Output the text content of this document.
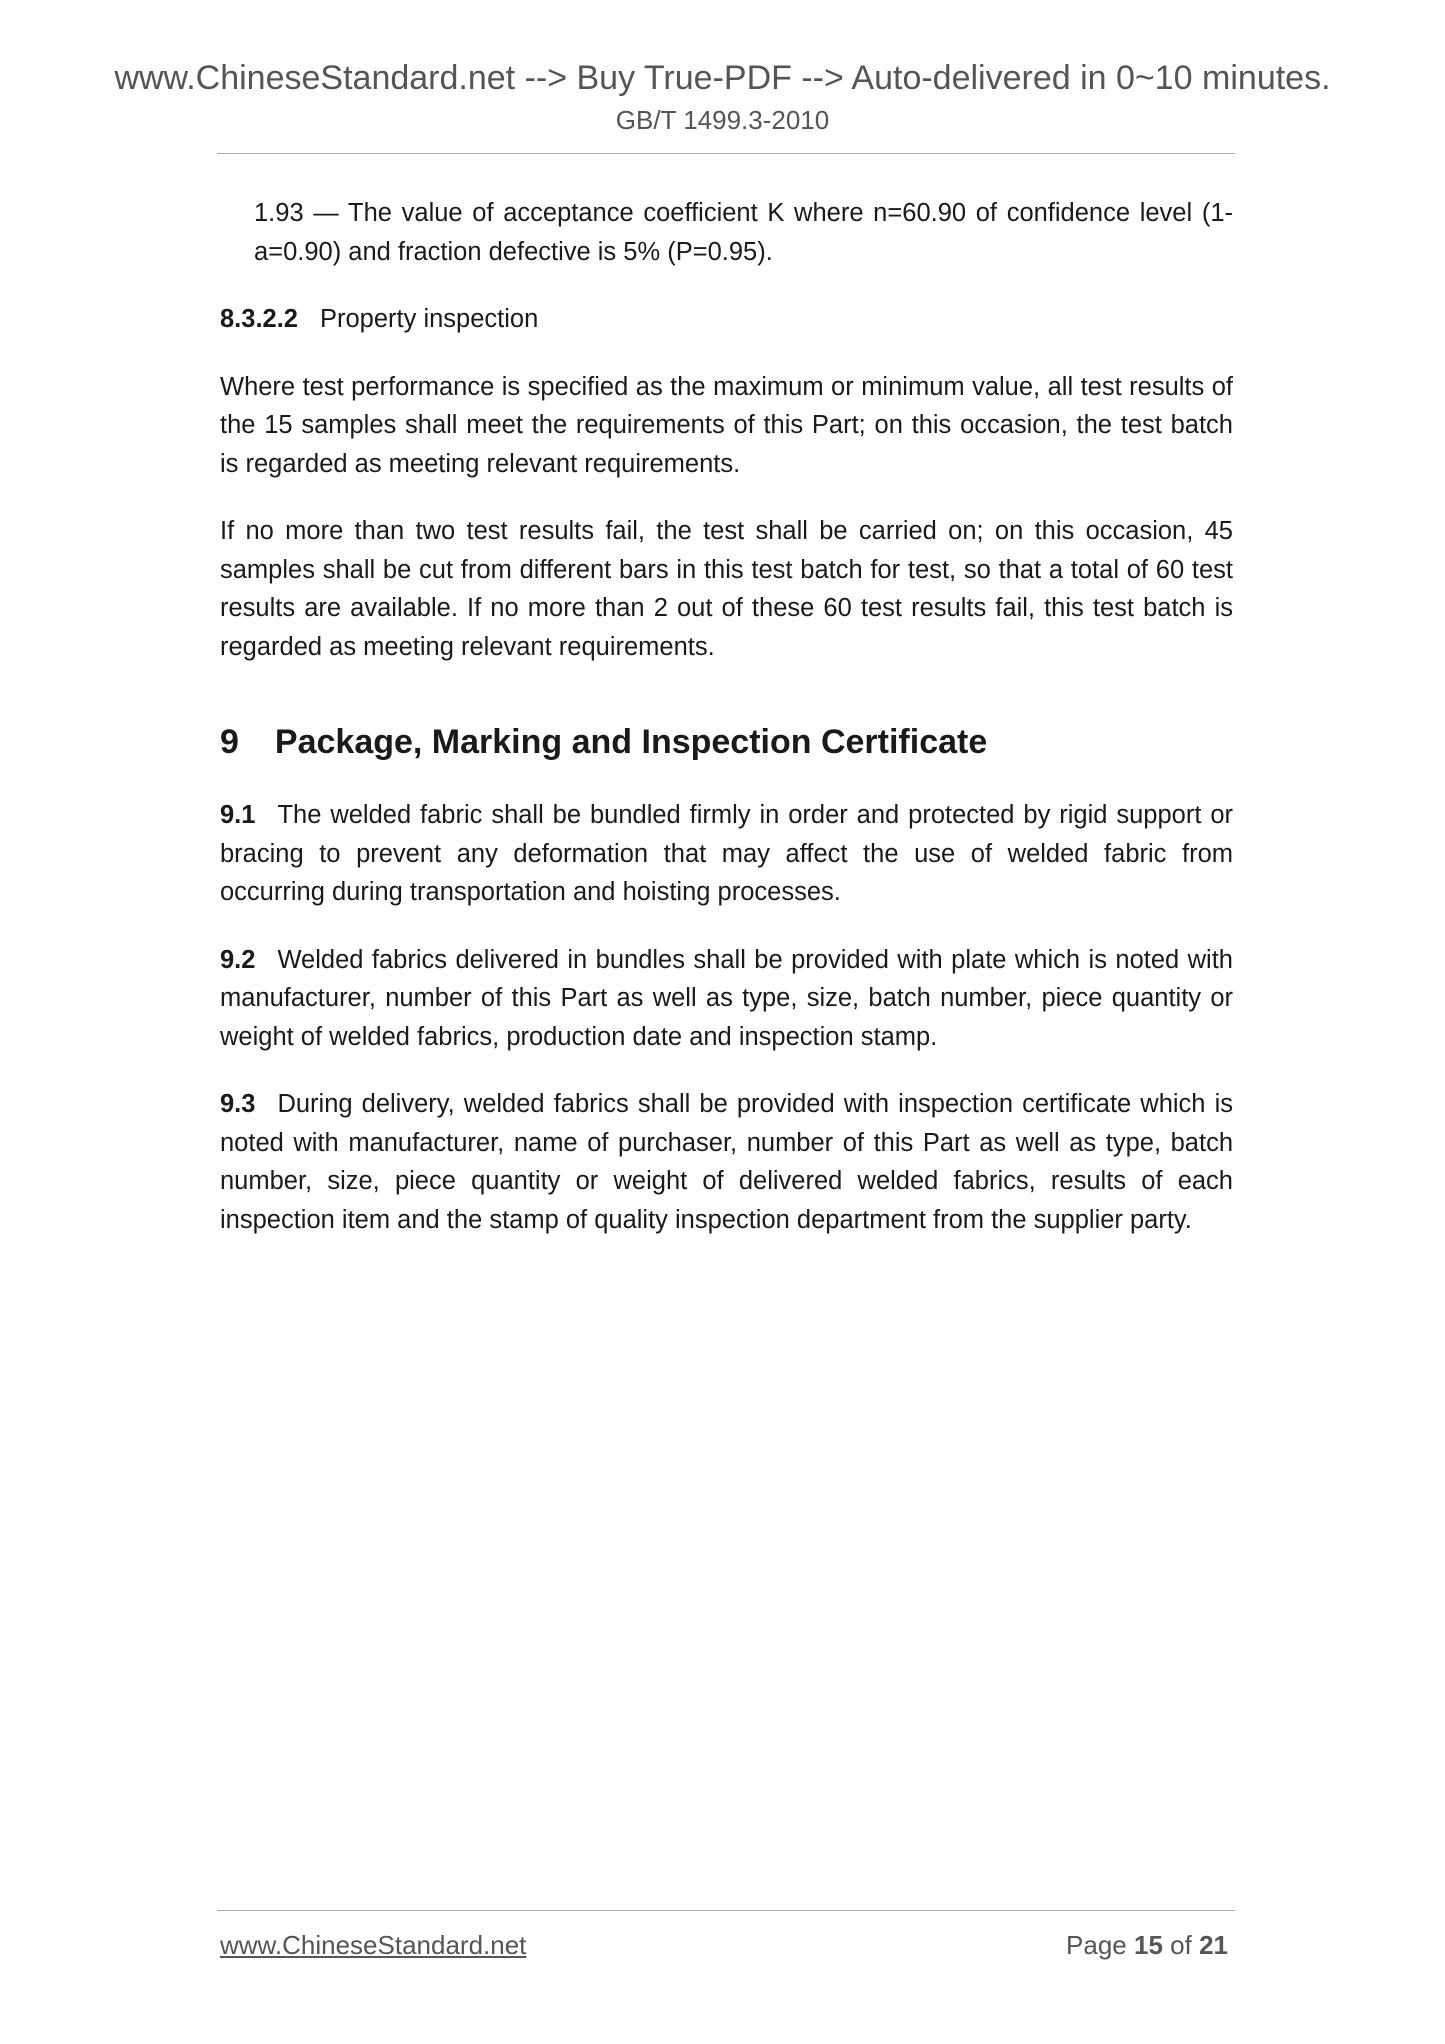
www.ChineseStandard.net --> Buy True-PDF --> Auto-delivered in 0~10 minutes.
GB/T 1499.3-2010

1.93 — The value of acceptance coefficient K where n=60.90 of confidence level (1-a=0.90) and fraction defective is 5% (P=0.95).

8.3.2.2 Property inspection

Where test performance is specified as the maximum or minimum value, all test results of the 15 samples shall meet the requirements of this Part; on this occasion, the test batch is regarded as meeting relevant requirements.

If no more than two test results fail, the test shall be carried on; on this occasion, 45 samples shall be cut from different bars in this test batch for test, so that a total of 60 test results are available. If no more than 2 out of these 60 test results fail, this test batch is regarded as meeting relevant requirements.

9 Package, Marking and Inspection Certificate

9.1 The welded fabric shall be bundled firmly in order and protected by rigid support or bracing to prevent any deformation that may affect the use of welded fabric from occurring during transportation and hoisting processes.

9.2 Welded fabrics delivered in bundles shall be provided with plate which is noted with manufacturer, number of this Part as well as type, size, batch number, piece quantity or weight of welded fabrics, production date and inspection stamp.

9.3 During delivery, welded fabrics shall be provided with inspection certificate which is noted with manufacturer, name of purchaser, number of this Part as well as type, batch number, size, piece quantity or weight of delivered welded fabrics, results of each inspection item and the stamp of quality inspection department from the supplier party.

www.ChineseStandard.net	Page 15 of 21
